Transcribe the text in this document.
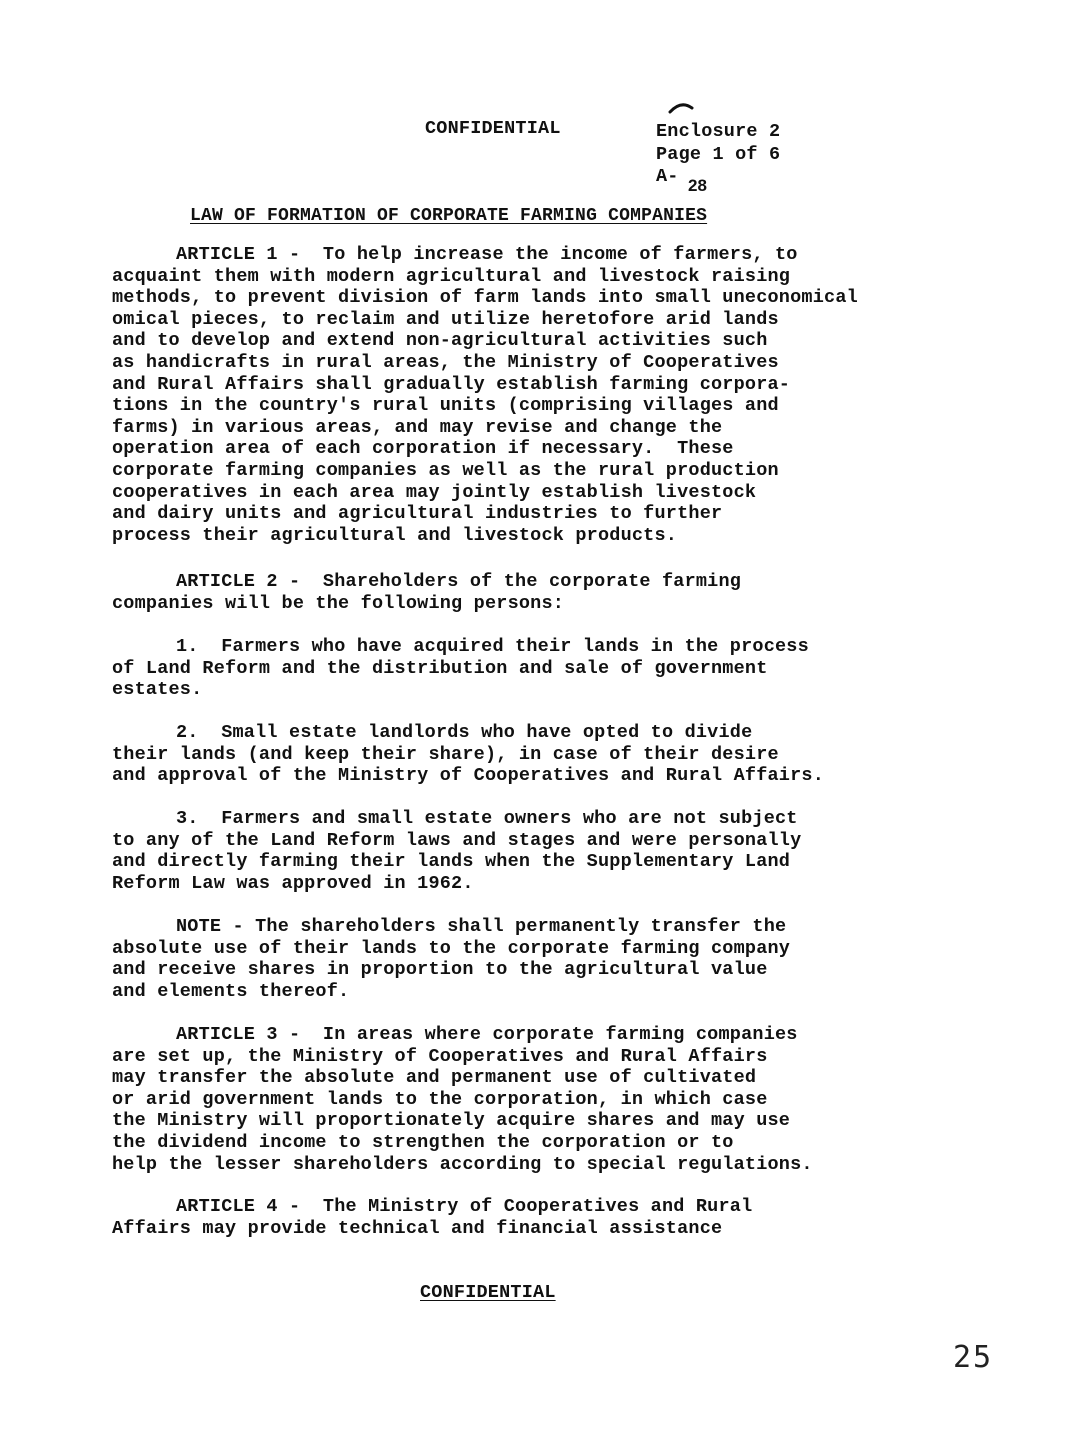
CONFIDENTIAL	Enclosure 2
Page 1 of 6
A- 28
LAW OF FORMATION OF CORPORATE FARMING COMPANIES
ARTICLE 1 -  To help increase the income of farmers, to
acquaint them with modern agricultural and livestock raising
methods, to prevent division of farm lands into small uneconomical
omical pieces, to reclaim and utilize heretofore arid lands
and to develop and extend non-agricultural activities such
as handicrafts in rural areas, the Ministry of Cooperatives
and Rural Affairs shall gradually establish farming corpora-
tions in the country's rural units (comprising villages and
farms) in various areas, and may revise and change the
operation area of each corporation if necessary.  These
corporate farming companies as well as the rural production
cooperatives in each area may jointly establish livestock
and dairy units and agricultural industries to further
process their agricultural and livestock products.
ARTICLE 2 -  Shareholders of the corporate farming
companies will be the following persons:
1.  Farmers who have acquired their lands in the process
of Land Reform and the distribution and sale of government
estates.
2.  Small estate landlords who have opted to divide
their lands (and keep their share), in case of their desire
and approval of the Ministry of Cooperatives and Rural Affairs.
3.  Farmers and small estate owners who are not subject
to any of the Land Reform laws and stages and were personally
and directly farming their lands when the Supplementary Land
Reform Law was approved in 1962.
NOTE - The shareholders shall permanently transfer the
absolute use of their lands to the corporate farming company
and receive shares in proportion to the agricultural value
and elements thereof.
ARTICLE 3 -  In areas where corporate farming companies
are set up, the Ministry of Cooperatives and Rural Affairs
may transfer the absolute and permanent use of cultivated
or arid government lands to the corporation, in which case
the Ministry will proportionately acquire shares and may use
the dividend income to strengthen the corporation or to
help the lesser shareholders according to special regulations.
ARTICLE 4 -  The Ministry of Cooperatives and Rural
Affairs may provide technical and financial assistance
CONFIDENTIAL
25
